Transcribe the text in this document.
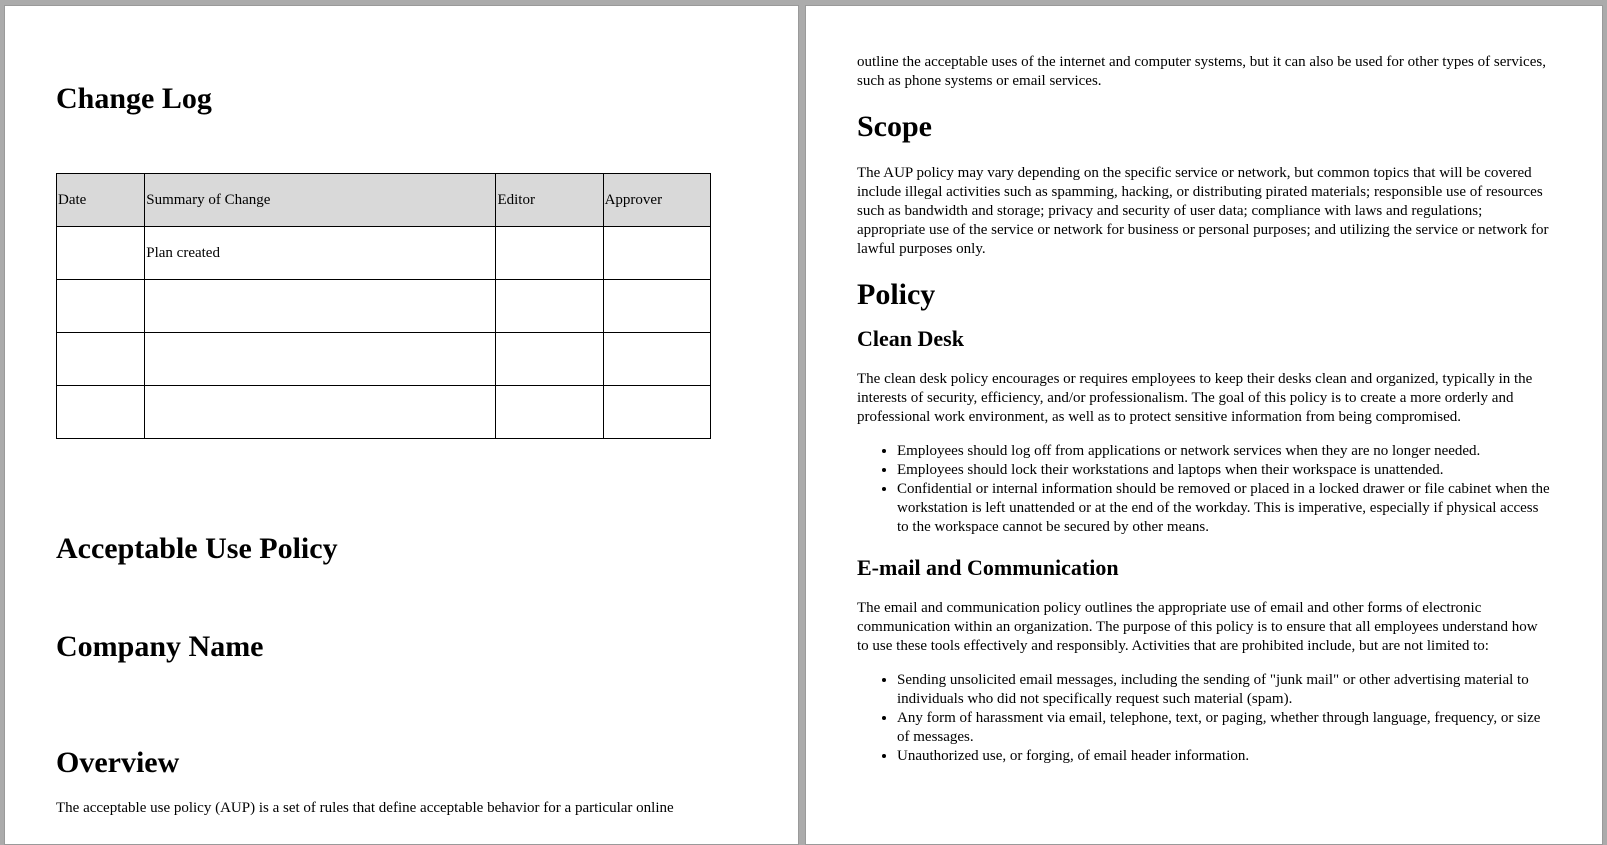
Change Log
Date	Summary of Change	Editor	Approver
	Plan created		

Acceptable Use Policy
Company Name
Overview

The acceptable use policy (AUP) is a set of rules that define acceptable behavior for a particular online

outline the acceptable uses of the internet and computer systems, but it can also be used for other types of services, such as phone systems or email services.

Scope

The AUP policy may vary depending on the specific service or network, but common topics that will be covered include illegal activities such as spamming, hacking, or distributing pirated materials; responsible use of resources such as bandwidth and storage; privacy and security of user data; compliance with laws and regulations; appropriate use of the service or network for business or personal purposes; and utilizing the service or network for lawful purposes only.

Policy
Clean Desk

The clean desk policy encourages or requires employees to keep their desks clean and organized, typically in the interests of security, efficiency, and/or professionalism. The goal of this policy is to create a more orderly and professional work environment, as well as to protect sensitive information from being compromised.

• Employees should log off from applications or network services when they are no longer needed.
• Employees should lock their workstations and laptops when their workspace is unattended.
• Confidential or internal information should be removed or placed in a locked drawer or file cabinet when the workstation is left unattended or at the end of the workday. This is imperative, especially if physical access to the workspace cannot be secured by other means.
E-mail and Communication

The email and communication policy outlines the appropriate use of email and other forms of electronic communication within an organization. The purpose of this policy is to ensure that all employees understand how to use these tools effectively and responsibly. Activities that are prohibited include, but are not limited to:

• Sending unsolicited email messages, including the sending of "junk mail" or other advertising material to individuals who did not specifically request such material (spam).
• Any form of harassment via email, telephone, text, or paging, whether through language, frequency, or size of messages.
• Unauthorized use, or forging, of email header information.
